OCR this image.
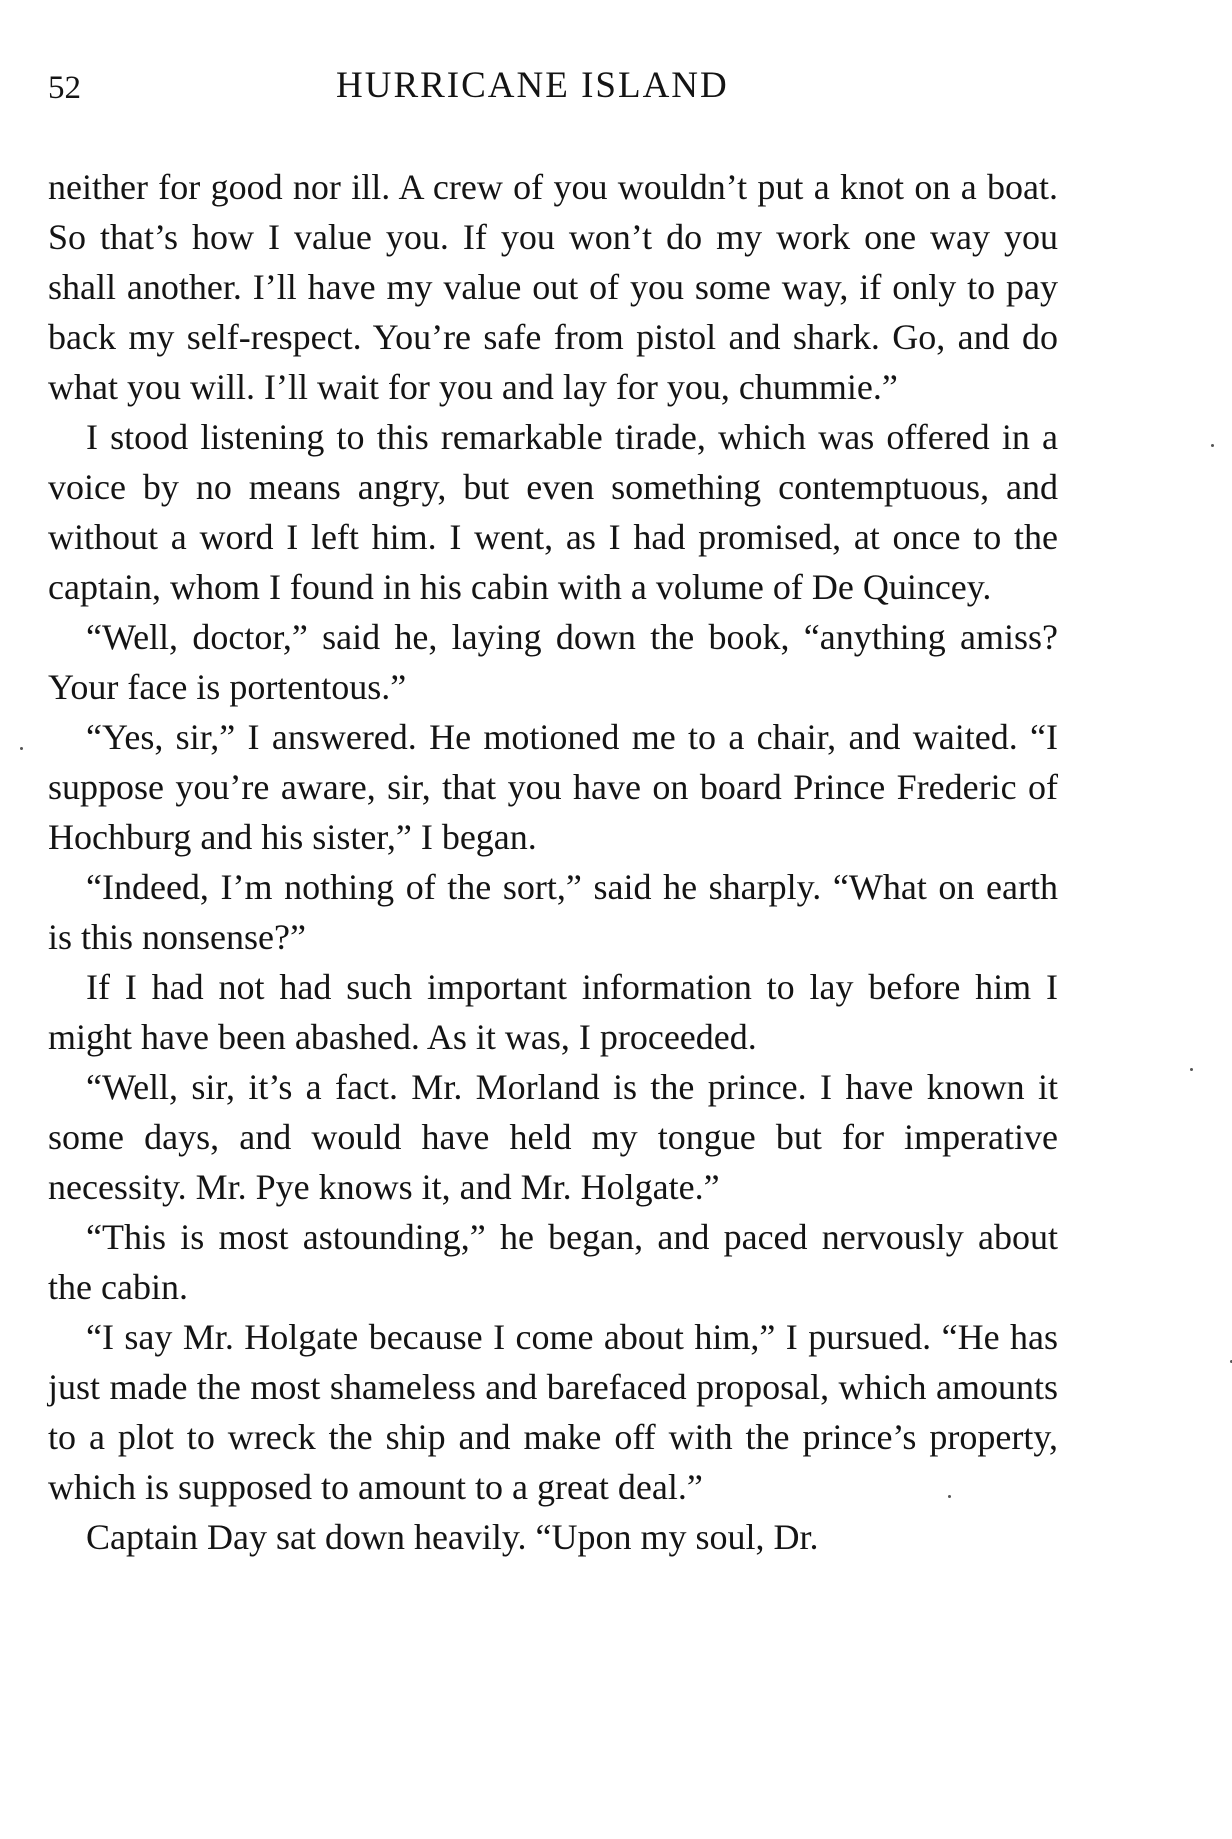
52	HURRICANE ISLAND

neither for good nor ill. A crew of you wouldn’t put a knot on a boat. So that’s how I value you. If you won’t do my work one way you shall another. I’ll have my value out of you some way, if only to pay back my self-respect. You’re safe from pistol and shark. Go, and do what you will. I’ll wait for you and lay for you, chummie.”

I stood listening to this remarkable tirade, which was offered in a voice by no means angry, but even something contemptuous, and without a word I left him. I went, as I had promised, at once to the captain, whom I found in his cabin with a volume of De Quincey.

“Well, doctor,” said he, laying down the book, “anything amiss? Your face is portentous.”

“Yes, sir,” I answered. He motioned me to a chair, and waited. “I suppose you’re aware, sir, that you have on board Prince Frederic of Hochburg and his sister,” I began.

“Indeed, I’m nothing of the sort,” said he sharply. “What on earth is this nonsense?”

If I had not had such important information to lay before him I might have been abashed. As it was, I proceeded.

“Well, sir, it’s a fact. Mr. Morland is the prince. I have known it some days, and would have held my tongue but for imperative necessity. Mr. Pye knows it, and Mr. Holgate.”

“This is most astounding,” he began, and paced nervously about the cabin.

“I say Mr. Holgate because I come about him,” I pursued. “He has just made the most shameless and barefaced proposal, which amounts to a plot to wreck the ship and make off with the prince’s property, which is supposed to amount to a great deal.”

Captain Day sat down heavily. “Upon my soul, Dr.
